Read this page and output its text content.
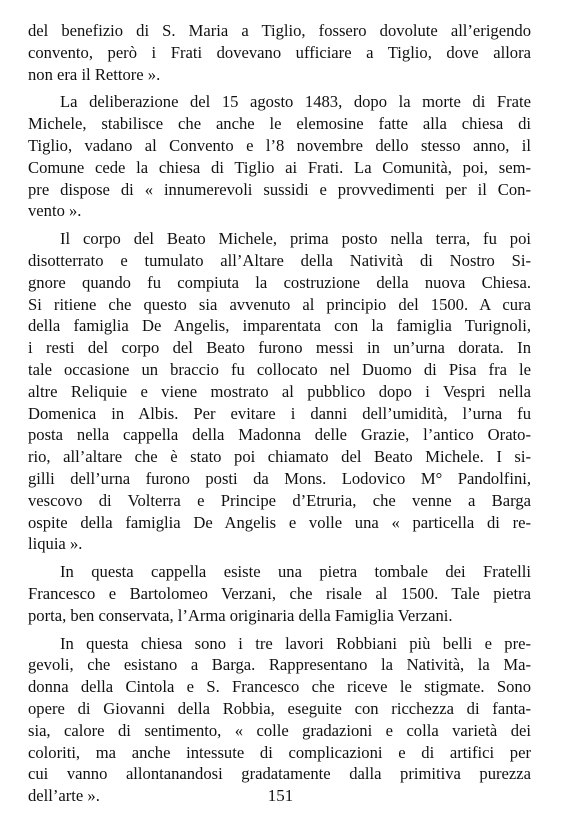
del benefizio di S. Maria a Tiglio, fossero dovolute all’erigendo
convento, però i Frati dovevano ufficiare a Tiglio, dove allora
non era il Rettore ».
La deliberazione del 15 agosto 1483, dopo la morte di Frate
Michele, stabilisce che anche le elemosine fatte alla chiesa di
Tiglio, vadano al Convento e l’8 novembre dello stesso anno, il
Comune cede la chiesa di Tiglio ai Frati. La Comunità, poi, sem-
pre dispose di « innumerevoli sussidi e provvedimenti per il Con-
vento ».
Il corpo del Beato Michele, prima posto nella terra, fu poi
disotterrato e tumulato all’Altare della Natività di Nostro Si-
gnore quando fu compiuta la costruzione della nuova Chiesa.
Si ritiene che questo sia avvenuto al principio del 1500. A cura
della famiglia De Angelis, imparentata con la famiglia Turignoli,
i resti del corpo del Beato furono messi in un’urna dorata. In
tale occasione un braccio fu collocato nel Duomo di Pisa fra le
altre Reliquie e viene mostrato al pubblico dopo i Vespri nella
Domenica in Albis. Per evitare i danni dell’umidità, l’urna fu
posta nella cappella della Madonna delle Grazie, l’antico Orato-
rio, all’altare che è stato poi chiamato del Beato Michele. I si-
gilli dell’urna furono posti da Mons. Lodovico M° Pandolfini,
vescovo di Volterra e Principe d’Etruria, che venne a Barga
ospite della famiglia De Angelis e volle una « particella di re-
liquia ».
In questa cappella esiste una pietra tombale dei Fratelli
Francesco e Bartolomeo Verzani, che risale al 1500. Tale pietra
porta, ben conservata, l’Arma originaria della Famiglia Verzani.
In questa chiesa sono i tre lavori Robbiani più belli e pre-
gevoli, che esistano a Barga. Rappresentano la Natività, la Ma-
donna della Cintola e S. Francesco che riceve le stigmate. Sono
opere di Giovanni della Robbia, eseguite con ricchezza di fanta-
sia, calore di sentimento, « colle gradazioni e colla varietà dei
coloriti, ma anche intessute di complicazioni e di artifici per
cui vanno allontanandosi gradatamente dalla primitiva purezza
dell’arte ».	151
